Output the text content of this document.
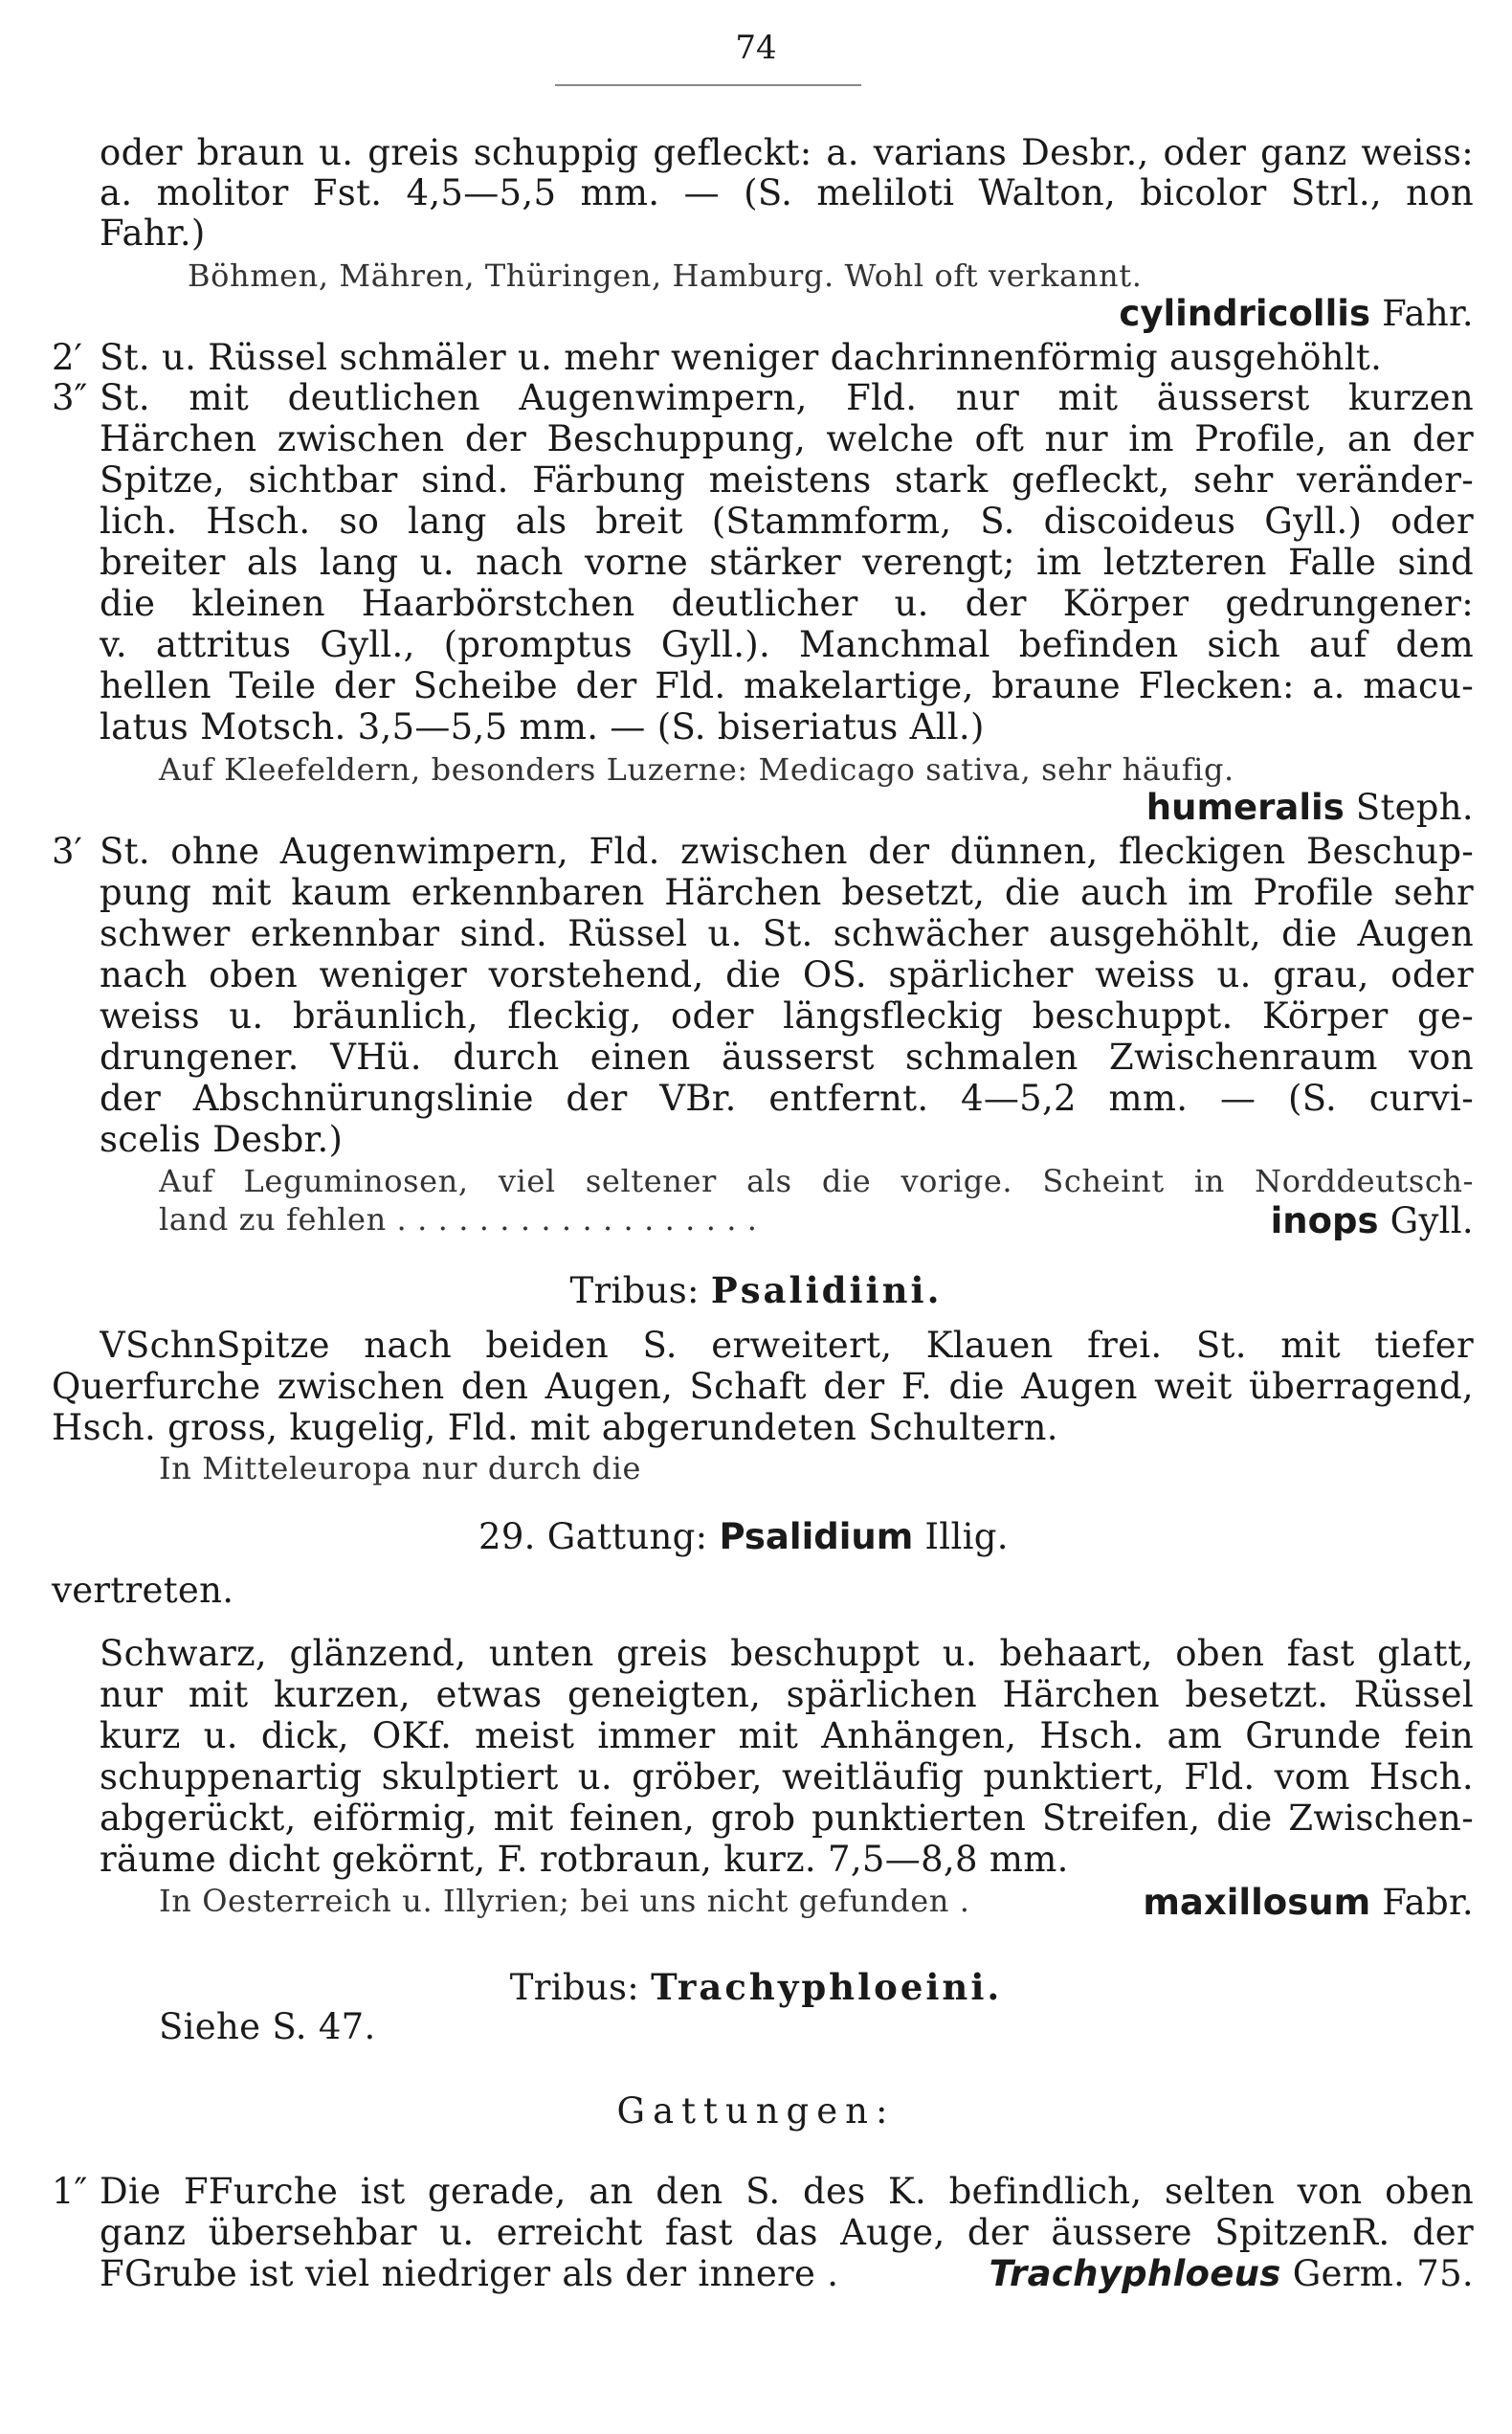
74
oder braun u. greis schuppig gefleckt: a. varians Desbr., oder ganz weiss:
a. molitor Fst. 4,5—5,5 mm. — (S. meliloti Walton, bicolor Strl., non
Fahr.)
Böhmen, Mähren, Thüringen, Hamburg. Wohl oft verkannt.
cylindricollis Fahr.
2′ St. u. Rüssel schmäler u. mehr weniger dachrinnenförmig ausgehöhlt.
3″ St. mit deutlichen Augenwimpern, Fld. nur mit äusserst kurzen
Härchen zwischen der Beschuppung, welche oft nur im Profile, an der
Spitze, sichtbar sind. Färbung meistens stark gefleckt, sehr veränder-
lich. Hsch. so lang als breit (Stammform, S. discoideus Gyll.) oder
breiter als lang u. nach vorne stärker verengt; im letzteren Falle sind
die kleinen Haarbörstchen deutlicher u. der Körper gedrungener:
v. attritus Gyll., (promptus Gyll.). Manchmal befinden sich auf dem
hellen Teile der Scheibe der Fld. makelartige, braune Flecken: a. macu-
latus Motsch. 3,5—5,5 mm. — (S. biseriatus All.)
Auf Kleefeldern, besonders Luzerne: Medicago sativa, sehr häufig.
humeralis Steph.
3′ St. ohne Augenwimpern, Fld. zwischen der dünnen, fleckigen Beschup-
pung mit kaum erkennbaren Härchen besetzt, die auch im Profile sehr
schwer erkennbar sind. Rüssel u. St. schwächer ausgehöhlt, die Augen
nach oben weniger vorstehend, die OS. spärlicher weiss u. grau, oder
weiss u. bräunlich, fleckig, oder längsfleckig beschuppt. Körper ge-
drungener. VHü. durch einen äusserst schmalen Zwischenraum von
der Abschnürungslinie der VBr. entfernt. 4—5,2 mm. — (S. curvi-
scelis Desbr.)
Auf Leguminosen, viel seltener als die vorige. Scheint in Norddeutsch-
land zu fehlen . . . . . . . . . . . . . . . . . .	inops Gyll.
Tribus: Psalidiini.
VSchnSpitze nach beiden S. erweitert, Klauen frei. St. mit tiefer
Querfurche zwischen den Augen, Schaft der F. die Augen weit überragend,
Hsch. gross, kugelig, Fld. mit abgerundeten Schultern.
In Mitteleuropa nur durch die
29. Gattung: Psalidium Illig.
vertreten.
Schwarz, glänzend, unten greis beschuppt u. behaart, oben fast glatt,
nur mit kurzen, etwas geneigten, spärlichen Härchen besetzt. Rüssel
kurz u. dick, OKf. meist immer mit Anhängen, Hsch. am Grunde fein
schuppenartig skulptiert u. gröber, weitläufig punktiert, Fld. vom Hsch.
abgerückt, eiförmig, mit feinen, grob punktierten Streifen, die Zwischen-
räume dicht gekörnt, F. rotbraun, kurz. 7,5—8,8 mm.
In Oesterreich u. Illyrien; bei uns nicht gefunden .	maxillosum Fabr.
Tribus: Trachyphloeini.
Siehe S. 47.
Gattungen:
1″ Die FFurche ist gerade, an den S. des K. befindlich, selten von oben
ganz übersehbar u. erreicht fast das Auge, der äussere SpitzenR. der
FGrube ist viel niedriger als der innere .	Trachyphloeus Germ. 75.
